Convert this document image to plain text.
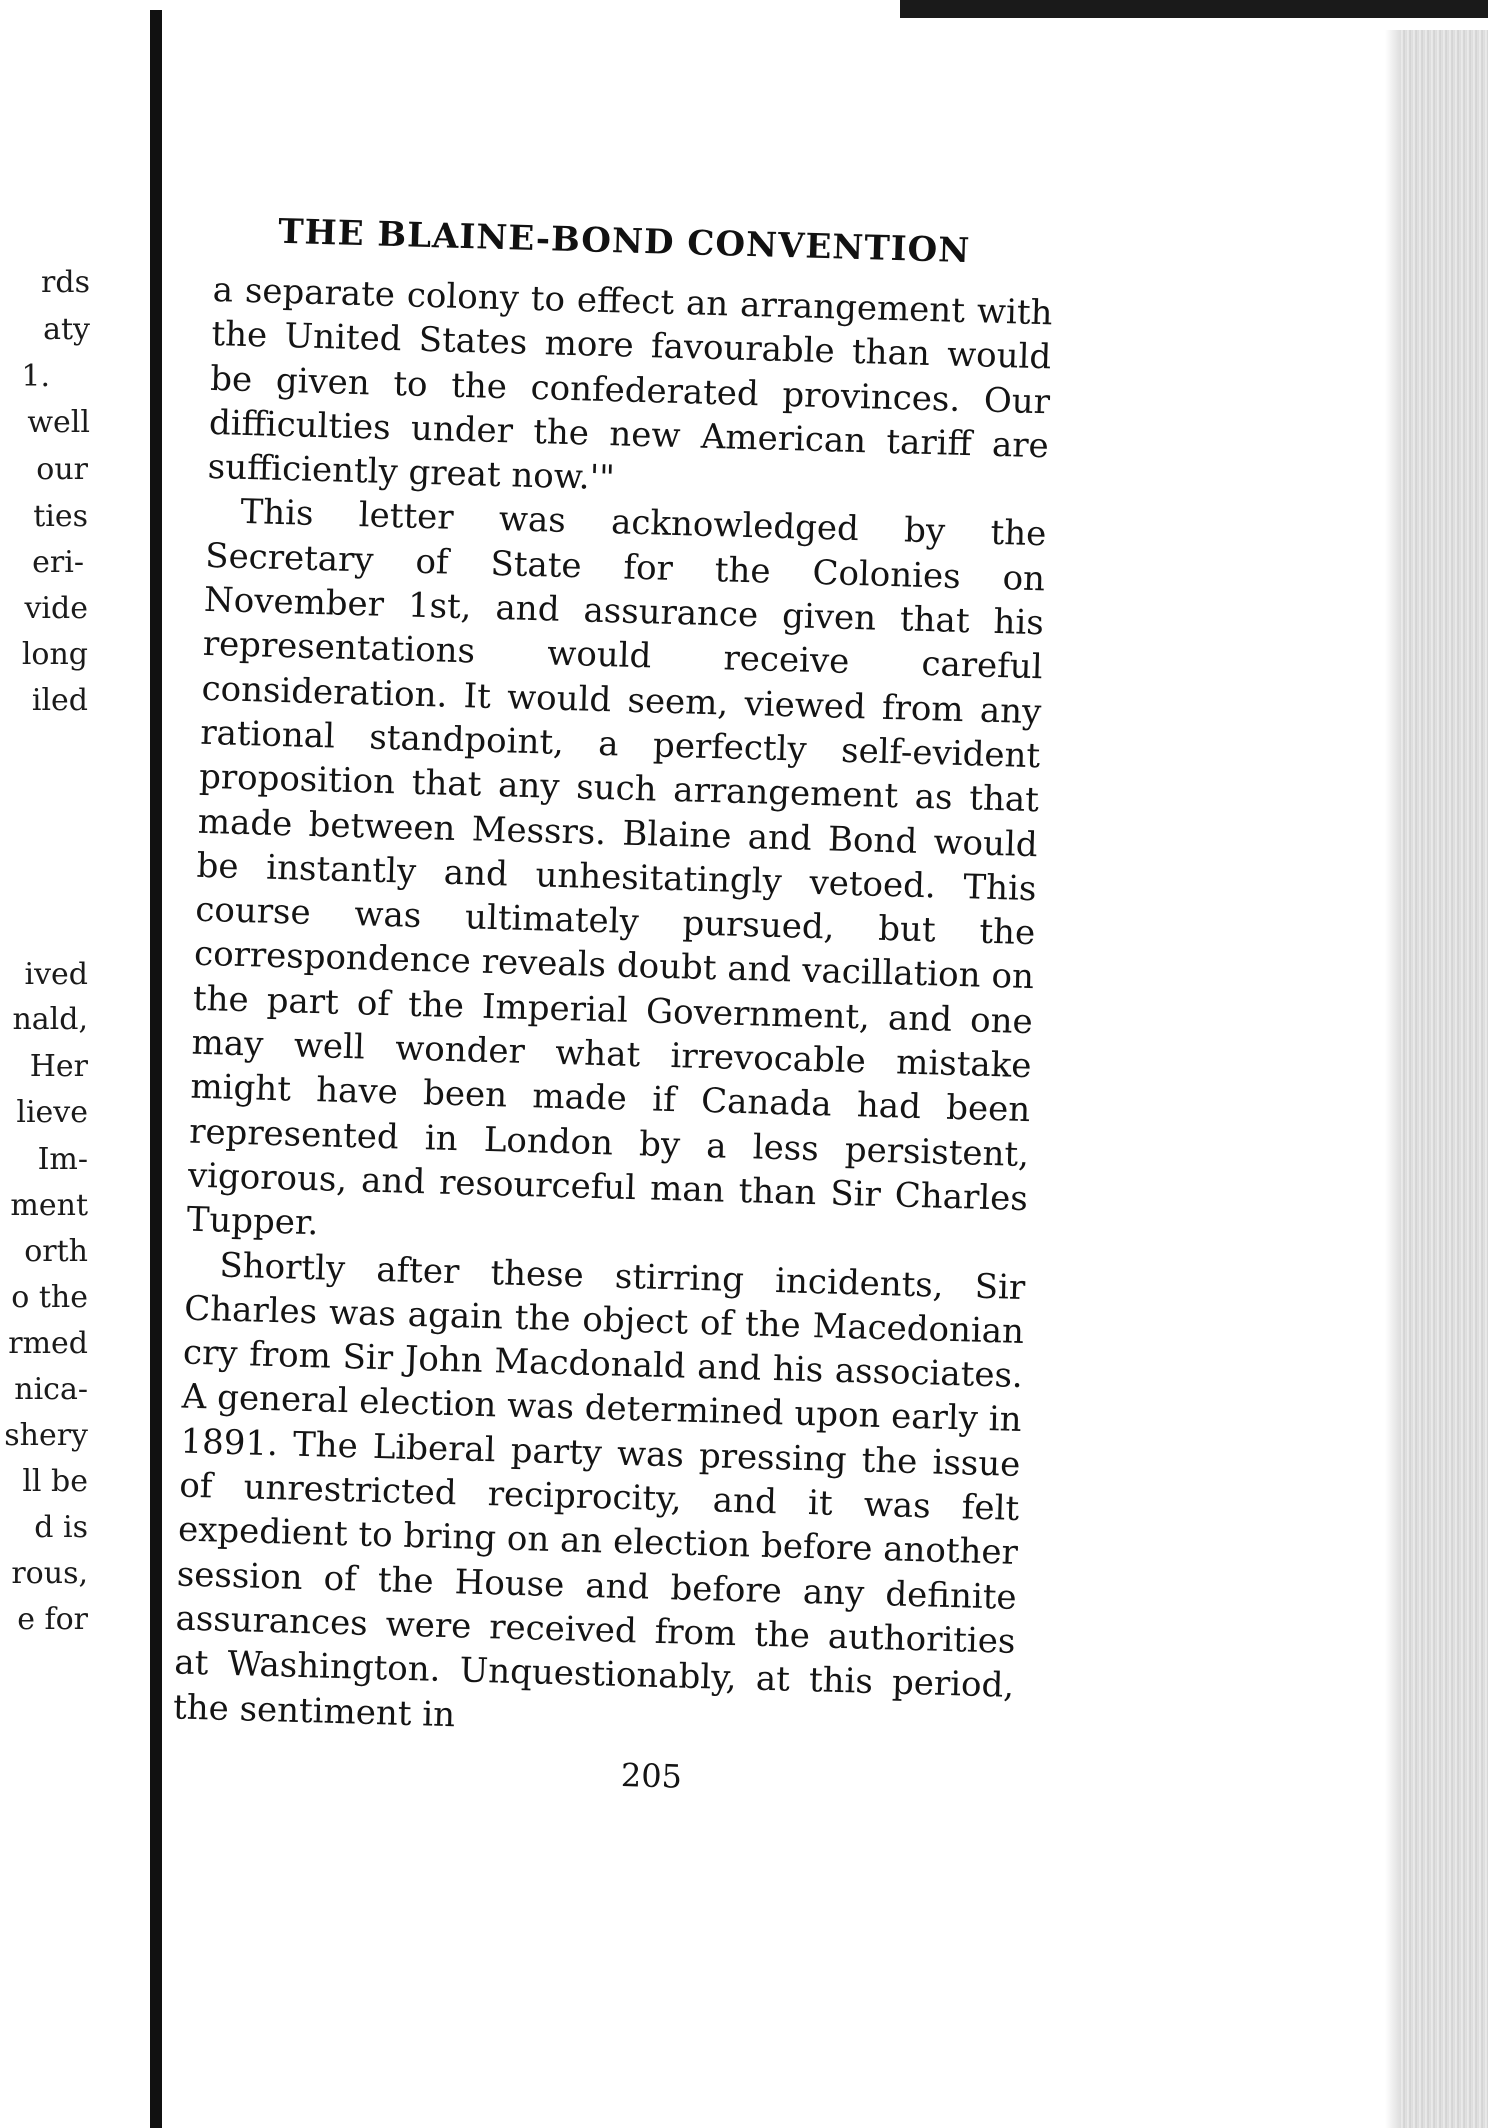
rds
aty
1.
well
our
ties
eri-
vide
long
iled
ived
nald,
Her
lieve
Im-
ment
orth
o the
rmed
nica-
shery
ll be
d is
rous,
e for
THE BLAINE-BOND CONVENTION

a separate colony to effect an arrangement with the United States more favourable than would be given to the confederated provinces. Our difficulties under the new American tariff are sufficiently great now.'"

This letter was acknowledged by the Secretary of State for the Colonies on November 1st, and assurance given that his representations would receive careful consideration. It would seem, viewed from any rational standpoint, a perfectly self-evident proposition that any such arrangement as that made between Messrs. Blaine and Bond would be instantly and unhesitatingly vetoed. This course was ultimately pursued, but the correspondence reveals doubt and vacillation on the part of the Imperial Government, and one may well wonder what irrevocable mistake might have been made if Canada had been represented in London by a less persistent, vigorous, and resourceful man than Sir Charles Tupper.

Shortly after these stirring incidents, Sir Charles was again the object of the Macedonian cry from Sir John Macdonald and his associates. A general election was determined upon early in 1891. The Liberal party was pressing the issue of unrestricted reciprocity, and it was felt expedient to bring on an election before another session of the House and before any definite assurances were received from the authorities at Washington. Unquestionably, at this period, the sentiment in

205
